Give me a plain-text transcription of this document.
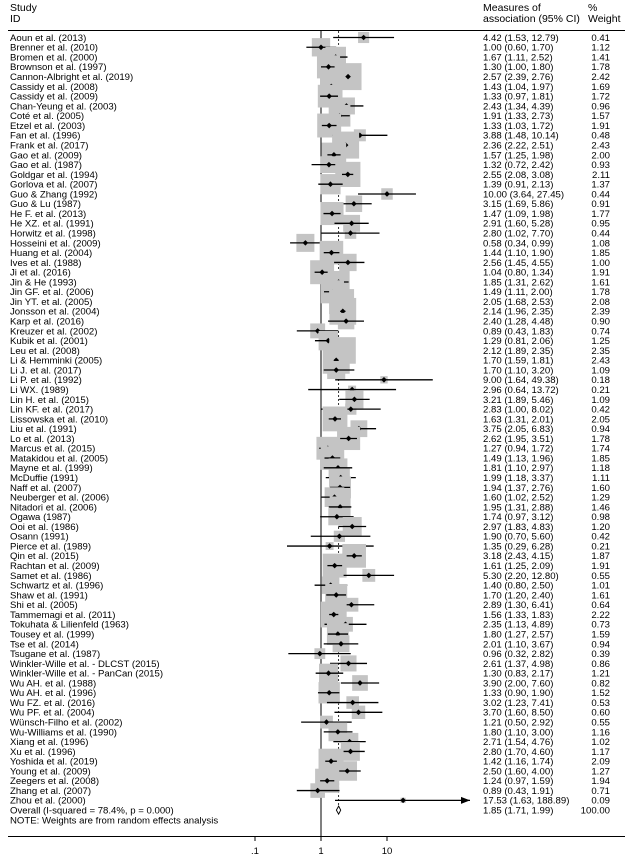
Study
ID
Measures of
association (95% CI)
%
Weight
Aoun et al. (2013)	4.42 (1.53, 12.79)	0.41
Brenner et al. (2010)	1.00 (0.60, 1.70)	1.12
Bromen et al. (2000)	1.67 (1.11, 2.52)	1.41
Brownson et al. (1997)	1.30 (1.00, 1.80)	1.78
Cannon-Albright et al. (2019)	2.57 (2.39, 2.76)	2.42
Cassidy et al. (2008)	1.43 (1.04, 1.97)	1.69
Cassidy et al. (2009)	1.33 (0.97, 1.81)	1.72
Chan-Yeung et al. (2003)	2.43 (1.34, 4.39)	0.96
Coté et al. (2005)	1.91 (1.33, 2.73)	1.57
Etzel et al. (2003)	1.33 (1.03, 1.72)	1.91
Fan et al. (1996)	3.88 (1.48, 10.14)	0.48
Frank et al. (2017)	2.36 (2.22, 2.51)	2.43
Gao et al. (2009)	1.57 (1.25, 1.98)	2.00
Gao et al. (1987)	1.32 (0.72, 2.42)	0.93
Goldgar et al. (1994)	2.55 (2.08, 3.08)	2.11
Gorlova et al. (2007)	1.39 (0.91, 2.13)	1.37
Guo & Zhang (1992)	10.00 (3.64, 27.45)	0.44
Guo & Lu (1987)	3.15 (1.69, 5.86)	0.91
He F. et al. (2013)	1.47 (1.09, 1.98)	1.77
He XZ. et al. (1991)	2.91 (1.60, 5.28)	0.95
Horwitz et al. (1998)	2.80 (1.02, 7.70)	0.44
Hosseini et al. (2009)	0.58 (0.34, 0.99)	1.08
Huang et al. (2004)	1.44 (1.10, 1.90)	1.85
Ives et al. (1988)	2.56 (1.45, 4.55)	1.00
Ji et al. (2016)	1.04 (0.80, 1.34)	1.91
Jin & He (1993)	1.85 (1.31, 2.62)	1.61
Jin GF. et al. (2006)	1.49 (1.11, 2.00)	1.78
Jin YT. et al. (2005)	2.05 (1.68, 2.53)	2.08
Jonsson et al. (2004)	2.14 (1.96, 2.35)	2.39
Karp et al. (2016)	2.40 (1.28, 4.48)	0.90
Kreuzer et al. (2002)	0.89 (0.43, 1.83)	0.74
Kubik et al. (2001)	1.29 (0.81, 2.06)	1.25
Leu et al. (2008)	2.12 (1.89, 2.35)	2.35
Li & Hemminki (2005)	1.70 (1.59, 1.81)	2.43
Li J. et al. (2017)	1.70 (1.10, 3.20)	1.09
Li P. et al. (1992)	9.00 (1.64, 49.38)	0.18
Li WX. (1989)	2.96 (0.64, 13.72)	0.21
Lin H. et al. (2015)	3.21 (1.89, 5.46)	1.09
Lin KF. et al. (2017)	2.83 (1.00, 8.02)	0.42
Lissowska et al. (2010)	1.63 (1.31, 2.01)	2.05
Liu et al. (1991)	3.75 (2.05, 6.83)	0.94
Lo et al. (2013)	2.62 (1.95, 3.51)	1.78
Marcus et al. (2015)	1.27 (0.94, 1.72)	1.74
Matakidou et al. (2005)	1.49 (1.13, 1.96)	1.85
Mayne et al. (1999)	1.81 (1.10, 2.97)	1.18
McDuffie (1991)	1.99 (1.18, 3.37)	1.11
Naff et al. (2007)	1.94 (1.37, 2.76)	1.60
Neuberger et al. (2006)	1.60 (1.02, 2.52)	1.29
Nitadori et al. (2006)	1.95 (1.31, 2.88)	1.46
Ogawa (1987)	1.74 (0.97, 3.12)	0.98
Ooi et al. (1986)	2.97 (1.83, 4.83)	1.20
Osann (1991)	1.90 (0.70, 5.60)	0.42
Pierce et al. (1989)	1.35 (0.29, 6.28)	0.21
Qin et al. (2015)	3.18 (2.43, 4.15)	1.87
Rachtan et al. (2009)	1.61 (1.25, 2.09)	1.91
Samet et al. (1986)	5.30 (2.20, 12.80)	0.55
Schwartz et al. (1996)	1.40 (0.80, 2.50)	1.01
Shaw et al. (1991)	1.70 (1.20, 2.40)	1.61
Shi et al. (2005)	2.89 (1.30, 6.41)	0.64
Tammemagi et al. (2011)	1.56 (1.33, 1.83)	2.22
Tokuhata & Lilienfeld (1963)	2.35 (1.13, 4.89)	0.73
Tousey et al. (1999)	1.80 (1.27, 2.57)	1.59
Tse et al. (2014)	2.01 (1.10, 3.67)	0.94
Tsugane et al. (1987)	0.96 (0.32, 2.82)	0.39
Winkler-Wille et al. - DLCST (2015)	2.61 (1.37, 4.98)	0.86
Winkler-Wille et al. - PanCan (2015)	1.30 (0.83, 2.17)	1.21
Wu AH. et al. (1988)	3.90 (2.00, 7.60)	0.82
Wu AH. et al. (1996)	1.33 (0.90, 1.90)	1.52
Wu FZ. et al. (2016)	3.02 (1.23, 7.41)	0.53
Wu PF. et al. (2004)	3.70 (1.60, 8.50)	0.60
Wünsch-Filho et al. (2002)	1.21 (0.50, 2.92)	0.55
Wu-Williams et al. (1990)	1.80 (1.10, 3.00)	1.16
Xiang et al. (1996)	2.71 (1.54, 4.76)	1.02
Xu et al. (1996)	2.80 (1.70, 4.60)	1.17
Yoshida et al. (2019)	1.42 (1.16, 1.74)	2.09
Young et al. (2009)	2.50 (1.60, 4.00)	1.27
Zeegers et al. (2008)	1.24 (0.97, 1.59)	1.94
Zhang et al. (2007)	0.89 (0.43, 1.91)	0.71
Zhou et al. (2000)	17.53 (1.63, 188.89) 0.09
Overall (I-squared = 78.4%, p = 0.000)	1.85 (1.71, 1.99)	100.00
NOTE: Weights are from random effects analysis
.1	1	10
